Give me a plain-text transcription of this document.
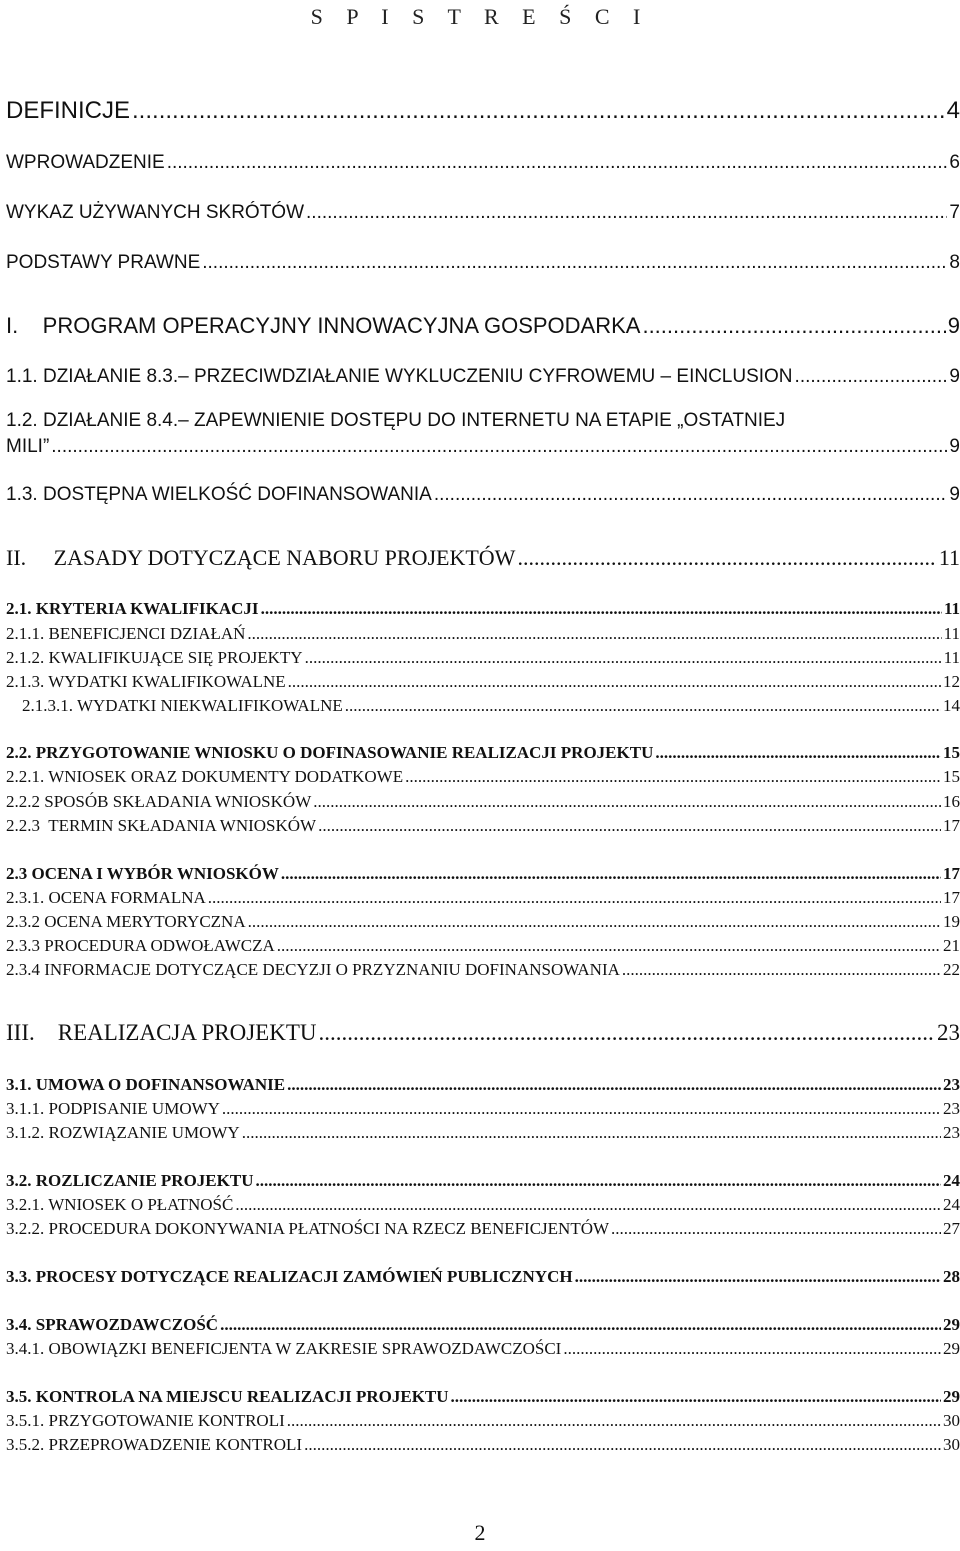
S P I S T R E Ś C I
DEFINICJE .....	4
WPROWADZENIE .....	6
WYKAZ UŻYWANYCH SKRÓTÓW .....	7
PODSTAWY PRAWNE .....	8
I.    PROGRAM OPERACYJNY INNOWACYJNA GOSPODARKA .....	9
1.1. DZIAŁANIE 8.3.– PRZECIWDZIAŁANIE WYKLUCZENIU CYFROWEMU – EINCLUSION .....	9
1.2. DZIAŁANIE 8.4.– ZAPEWNIENIE DOSTĘPU DO INTERNETU NA ETAPIE „OSTATNIEJ
MILI” .....	9
1.3. DOSTĘPNA WIELKOŚĆ DOFINANSOWANIA .....	9
II.     ZASADY DOTYCZĄCE NABORU PROJEKTÓW .....	11
2.1. KRYTERIA KWALIFIKACJI .....	11
2.1.1. BENEFICJENCI DZIAŁAŃ .....	11
2.1.2. KWALIFIKUJĄCE SIĘ PROJEKTY .....	11
2.1.3. WYDATKI KWALIFIKOWALNE .....	12
2.1.3.1. WYDATKI NIEKWALIFIKOWALNE .....	14
2.2. PRZYGOTOWANIE WNIOSKU O DOFINASOWANIE REALIZACJI PROJEKTU .....	15
2.2.1. WNIOSEK ORAZ DOKUMENTY DODATKOWE .....	15
2.2.2 SPOSÓB SKŁADANIA WNIOSKÓW .....	16
2.2.3  TERMIN SKŁADANIA WNIOSKÓW .....	17
2.3 OCENA I WYBÓR WNIOSKÓW .....	17
2.3.1. OCENA FORMALNA .....	17
2.3.2 OCENA MERYTORYCZNA .....	19
2.3.3 PROCEDURA ODWOŁAWCZA .....	21
2.3.4 INFORMACJE DOTYCZĄCE DECYZJI O PRZYZNANIU DOFINANSOWANIA .....	22
III.    REALIZACJA PROJEKTU .....	23
3.1. UMOWA O DOFINANSOWANIE .....	23
3.1.1. PODPISANIE UMOWY .....	23
3.1.2. ROZWIĄZANIE UMOWY .....	23
3.2. ROZLICZANIE PROJEKTU .....	24
3.2.1. WNIOSEK O PŁATNOŚĆ .....	24
3.2.2. PROCEDURA DOKONYWANIA PŁATNOŚCI NA RZECZ BENEFICJENTÓW .....	27
3.3. PROCESY DOTYCZĄCE REALIZACJI ZAMÓWIEŃ PUBLICZNYCH .....	28
3.4. SPRAWOZDAWCZOŚĆ .....	29
3.4.1. OBOWIĄZKI BENEFICJENTA W ZAKRESIE SPRAWOZDAWCZOŚCI .....	29
3.5. KONTROLA NA MIEJSCU REALIZACJI PROJEKTU .....	29
3.5.1. PRZYGOTOWANIE KONTROLI .....	30
3.5.2. PRZEPROWADZENIE KONTROLI .....	30
2
